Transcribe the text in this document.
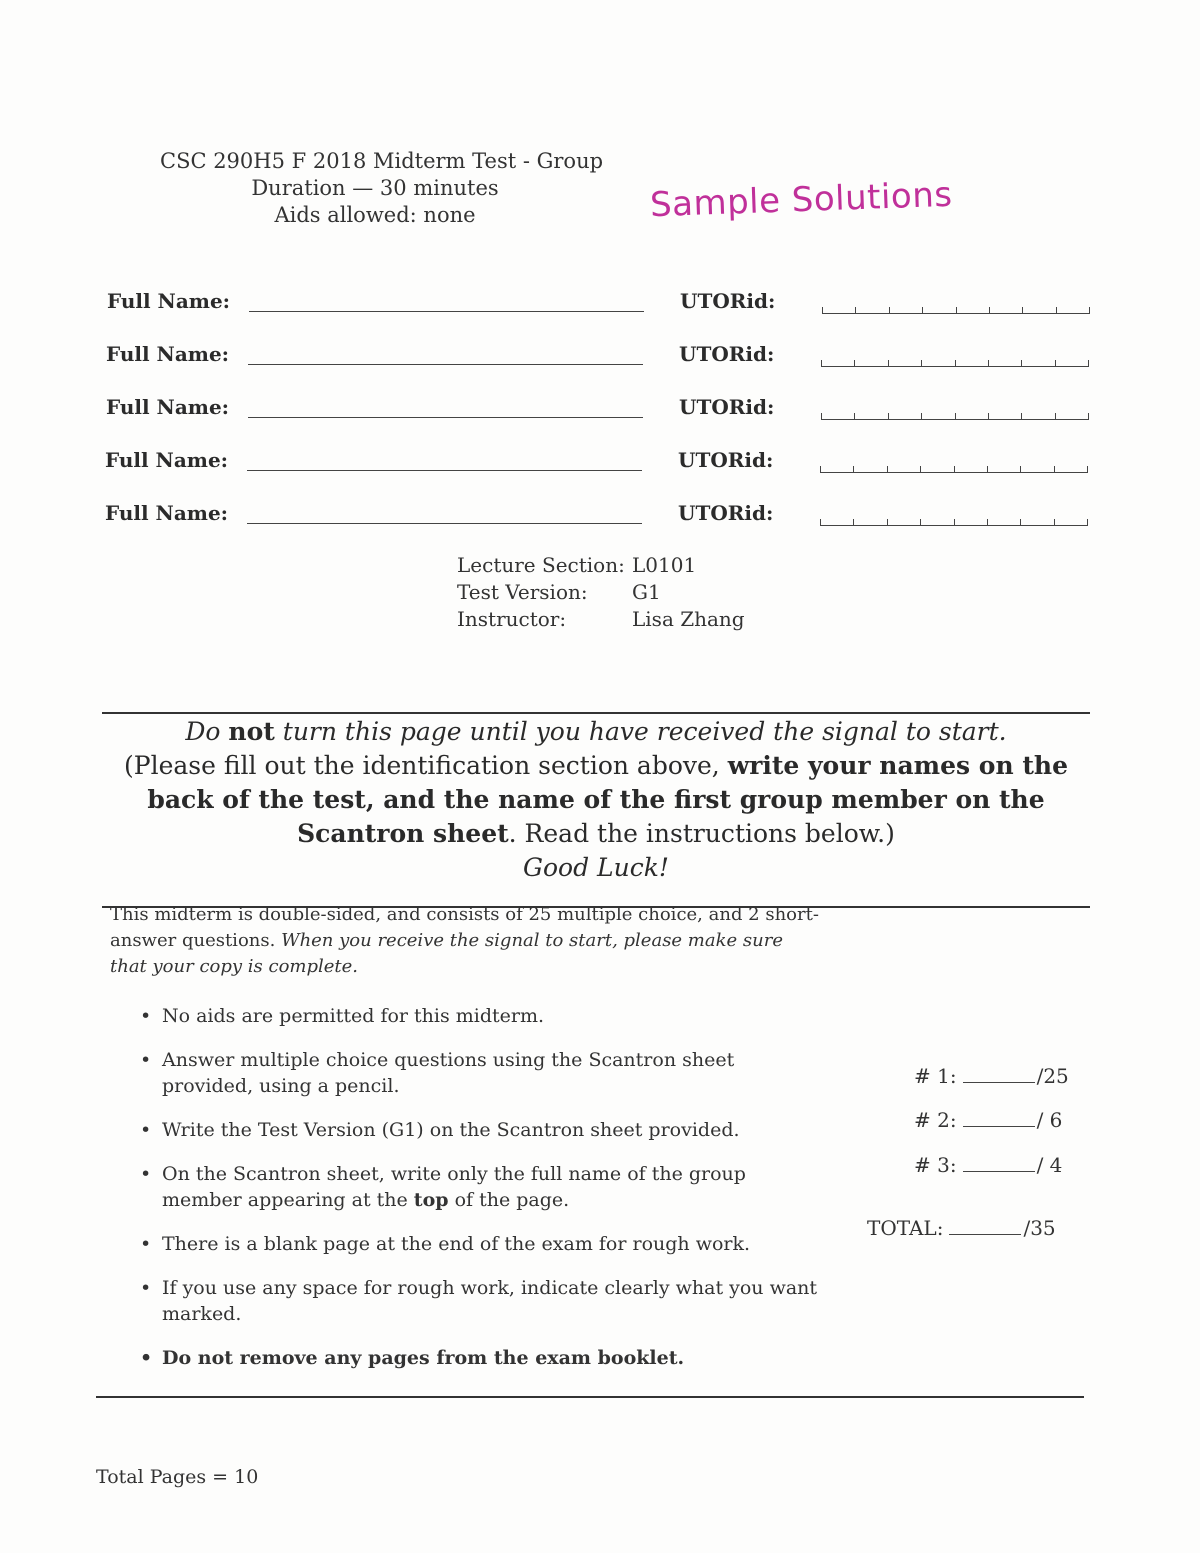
CSC 290H5 F 2018 Midterm Test - Group
Duration — 30 minutes
Aids allowed: none	Sample Solutions
Full Name:	UTORid:
Full Name:	UTORid:
Full Name:	UTORid:
Full Name:	UTORid:
Full Name:	UTORid:
Lecture Section: L0101
Test Version:	G1
Instructor:	Lisa Zhang
Do not turn this page until you have received the signal to start.
(Please fill out the identification section above, write your names on the back of the test, and the name of the first group member on the Scantron sheet. Read the instructions below.)
Good Luck!
This midterm is double-sided, and consists of 25 multiple choice, and 2 short-answer questions. When you receive the signal to start, please make sure that your copy is complete.
• No aids are permitted for this midterm.
• Answer multiple choice questions using the Scantron sheet provided, using a pencil.
• Write the Test Version (G1) on the Scantron sheet provided.
• On the Scantron sheet, write only the full name of the group member appearing at the top of the page.
• There is a blank page at the end of the exam for rough work.
• If you use any space for rough work, indicate clearly what you want marked.
• Do not remove any pages from the exam booklet.
# 1:	/25
# 2:	/ 6
# 3:	/ 4
TOTAL:	/35
Total Pages = 10
